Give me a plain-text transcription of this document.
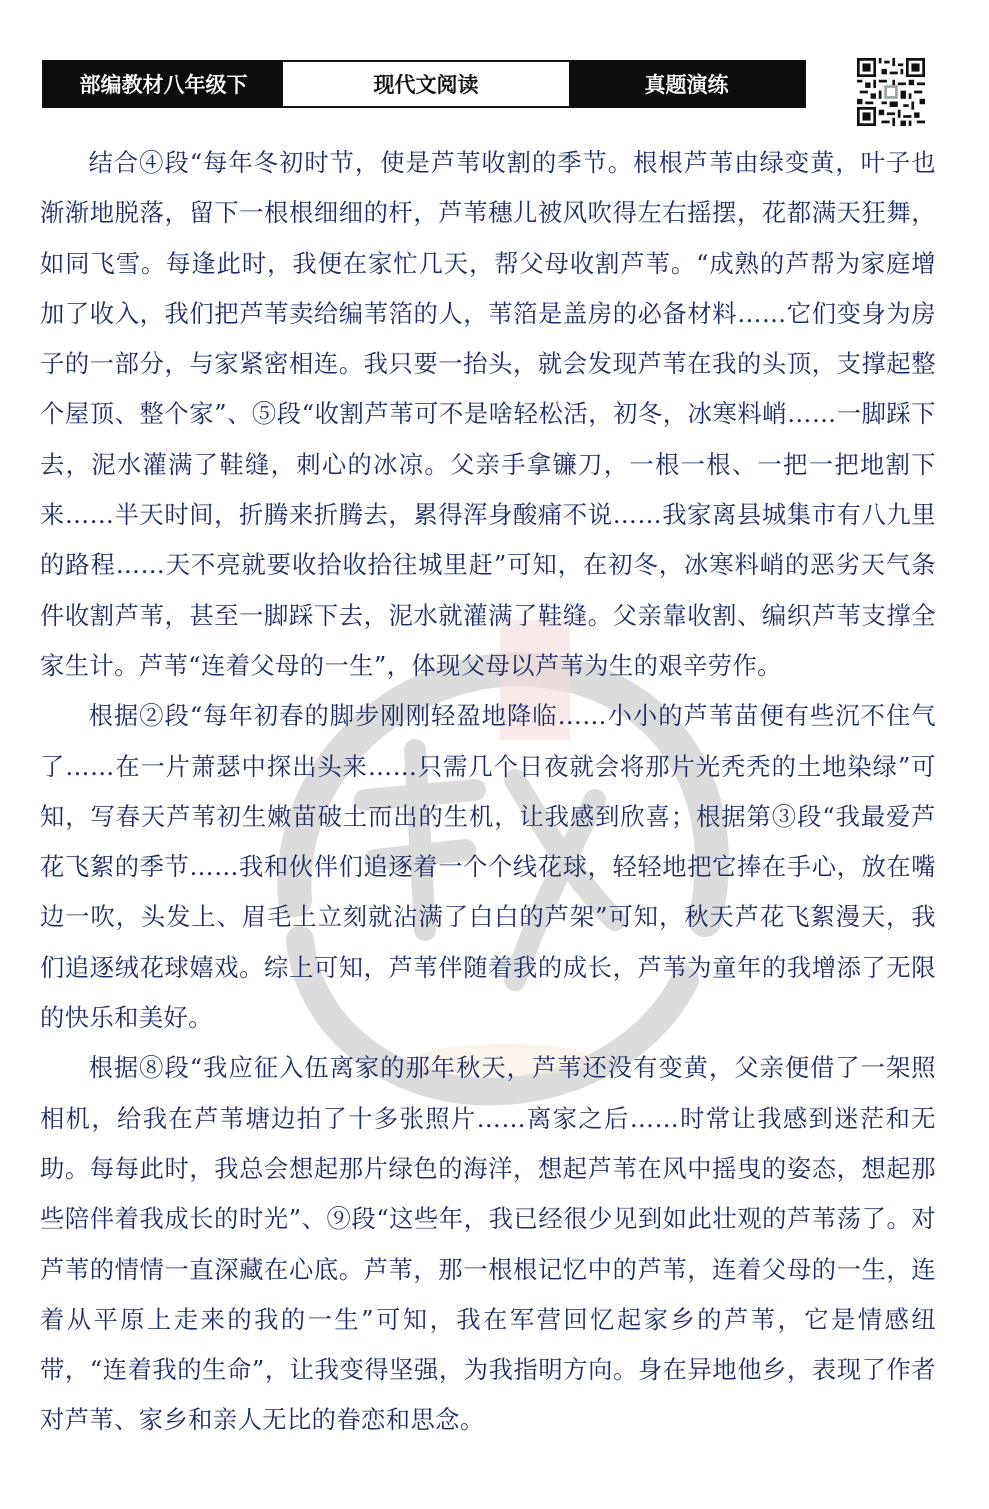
部编教材八年级下	现代文阅读	真题演练

结合④段“每年冬初时节，使是芦苇收割的季节。根根芦苇由绿变黄，叶子也渐渐地脱落，留下一根根细细的杆，芦苇穗儿被风吹得左右摇摆，花都满天狂舞，如同飞雪。每逢此时，我便在家忙几天，帮父母收割芦苇。“成熟的芦帮为家庭增加了收入，我们把芦苇卖给编苇箔的人，苇箔是盖房的必备材料……它们变身为房子的一部分，与家紧密相连。我只要一抬头，就会发现芦苇在我的头顶，支撑起整个屋顶、整个家”、⑤段“收割芦苇可不是啥轻松活，初冬，冰寒料峭……一脚踩下去，泥水灌满了鞋缝，刺心的冰凉。父亲手拿镰刀，一根一根、一把一把地割下来……半天时间，折腾来折腾去，累得浑身酸痛不说……我家离县城集市有八九里的路程……天不亮就要收拾收拾往城里赶”可知，在初冬，冰寒料峭的恶劣天气条件收割芦苇，甚至一脚踩下去，泥水就灌满了鞋缝。父亲靠收割、编织芦苇支撑全家生计。芦苇“连着父母的一生”，体现父母以芦苇为生的艰辛劳作。

根据②段“每年初春的脚步刚刚轻盈地降临……小小的芦苇苗便有些沉不住气了……在一片萧瑟中探出头来……只需几个日夜就会将那片光秃秃的土地染绿”可知，写春天芦苇初生嫩苗破土而出的生机，让我感到欣喜；根据第③段“我最爱芦花飞絮的季节……我和伙伴们追逐着一个个线花球，轻轻地把它捧在手心，放在嘴边一吹，头发上、眉毛上立刻就沾满了白白的芦架”可知，秋天芦花飞絮漫天，我们追逐绒花球嬉戏。综上可知，芦苇伴随着我的成长，芦苇为童年的我增添了无限的快乐和美好。

根据⑧段“我应征入伍离家的那年秋天，芦苇还没有变黄，父亲便借了一架照相机，给我在芦苇塘边拍了十多张照片……离家之后……时常让我感到迷茫和无助。每每此时，我总会想起那片绿色的海洋，想起芦苇在风中摇曳的姿态，想起那些陪伴着我成长的时光”、⑨段“这些年，我已经很少见到如此壮观的芦苇荡了。对芦苇的情情一直深藏在心底。芦苇，那一根根记忆中的芦苇，连着父母的一生，连着从平原上走来的我的一生”可知，我在军营回忆起家乡的芦苇，它是情感纽带，“连着我的生命”，让我变得坚强，为我指明方向。身在异地他乡，表现了作者对芦苇、家乡和亲人无比的眷恋和思念。
